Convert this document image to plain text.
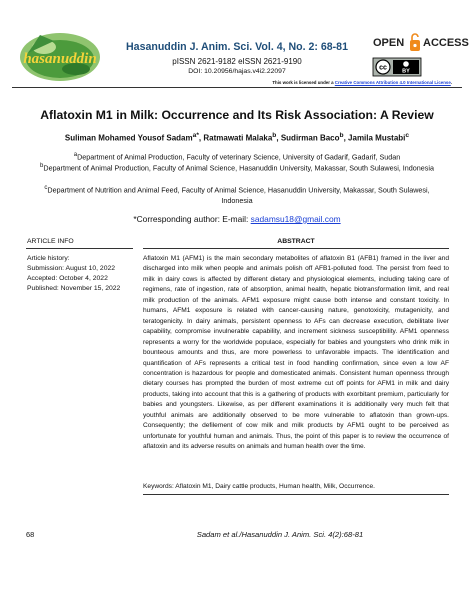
hasanuddin
Hasanuddin J. Anim. Sci. Vol. 4, No. 2: 68-81
pISSN 2621-9182 eISSN 2621-9190
DOI: 10.20956/hajas.v4i2.22097
OPEN ACCESS
cc	BY
This work is licensed under a Creative Commons Attribution 4.0 International License.
Aflatoxin M1 in Milk: Occurrence and Its Risk Association: A Review
Suliman Mohamed Yousof Sadam$^{a*}$, Ratmawati Malaka$^b$, Sudirman Baco$^b$, Jamila Mustabi$^c$
$^a$Department of Animal Production, Faculty of veterinary Science, University of Gadarif, Gadarif, Sudan
$^b$Department of Animal Production, Faculty of Animal Science, Hasanuddin University, Makassar, South Sulawesi, Indonesia
$^c$Department of Nutrition and Animal Feed, Faculty of Animal Science, Hasanuddin University, Makassar, South Sulawesi, Indonesia
*Corresponding author: E-mail: sadamsu18@gmail.com
ARTICLE INFO
Article history:
Submission: August 10, 2022
Accepted: October 4, 2022
Published: November 15, 2022
ABSTRACT
Aflatoxin M1 (AFM1) is the main secondary metabolites of aflatoxin B1 (AFB1) framed in the liver and discharged into milk when people and animals polish off AFB1-polluted food. The persist from feed to milk in dairy cows is affected by different dietary and physiological elements, including taking care of regimens, rate of ingestion, rate of absorption, animal health, hepatic biotransformation limit, and real milk production of the animals. AFM1 exposure might cause both intense and constant toxicity. In humans, AFM1 exposure is related with cancer-causing nature, genotoxicity, mutagenicity, and teratogenicity. In dairy animals, persistent openness to AFs can decrease execution, debilitate liver capability, compromise invulnerable capability, and increment sickness susceptibility. AFM1 openness represents a worry for the worldwide populace, especially for babies and youngsters who drink milk in bounteous amounts and thus, are more powerless to unfavorable impacts. The identification and quantification of AFs represents a critical test in food handling confirmation, since even a low AF concentration is hazardous for people and domesticated animals. Consistent human openness through dietary courses has prompted the burden of most extreme cut off points for AFM1 in milk and dairy products, taking into account that this is a gathering of products with exorbitant premium, particularly for babies and youngsters. Likewise, as per different examinations it is additionally very much felt that youthful animals are additionally observed to be more vulnerable to aflatoxin than grown-ups. Consequently; the defilement of cow milk and milk products by AFM1 ought to be perceived as unfortunate for youthful human and animals. Thus, the point of this paper is to review the occurrence of aflatoxin and its adverse results on animals and human health over the time.
Keywords: Aflatoxin M1, Dairy cattle products, Human health, Milk, Occurrence.
68	Sadam et al./Hasanuddin J. Anim. Sci. 4(2):68-81
